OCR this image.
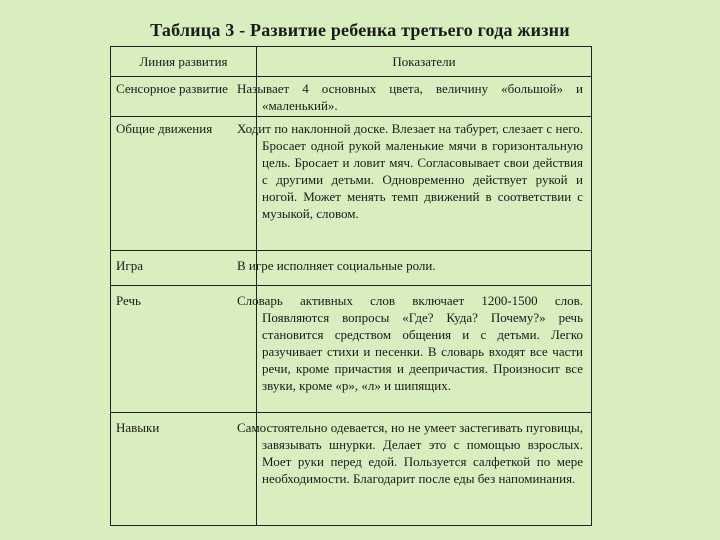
Таблица 3 - Развитие ребенка третьего года жизни
Линия развития	Показатели
Сенсорное развитие	Называет 4 основных цвета, величину «большой» и «маленький».
Общие движения	Ходит по наклонной доске. Влезает на табурет, слезает с него. Бросает одной рукой маленькие мячи в горизонтальную цель. Бросает и ловит мяч. Согласовывает свои действия с другими детьми. Одновременно действует рукой и ногой. Может менять темп движений в соответствии с музыкой, словом.
Игра	В игре исполняет социальные роли.
Речь	Словарь активных слов включает 1200-1500 слов. Появляются вопросы «Где? Куда? Почему?» речь становится средством общения и с детьми. Легко разучивает стихи и песенки. В словарь входят все части речи, кроме причастия и деепричастия. Произносит все звуки, кроме «р», «л» и шипящих.
Навыки	Самостоятельно одевается, но не умеет застегивать пуговицы, завязывать шнурки. Делает это с помощью взрослых. Моет руки перед едой. Пользуется салфеткой по мере необходимости. Благодарит после еды без напоминания.
